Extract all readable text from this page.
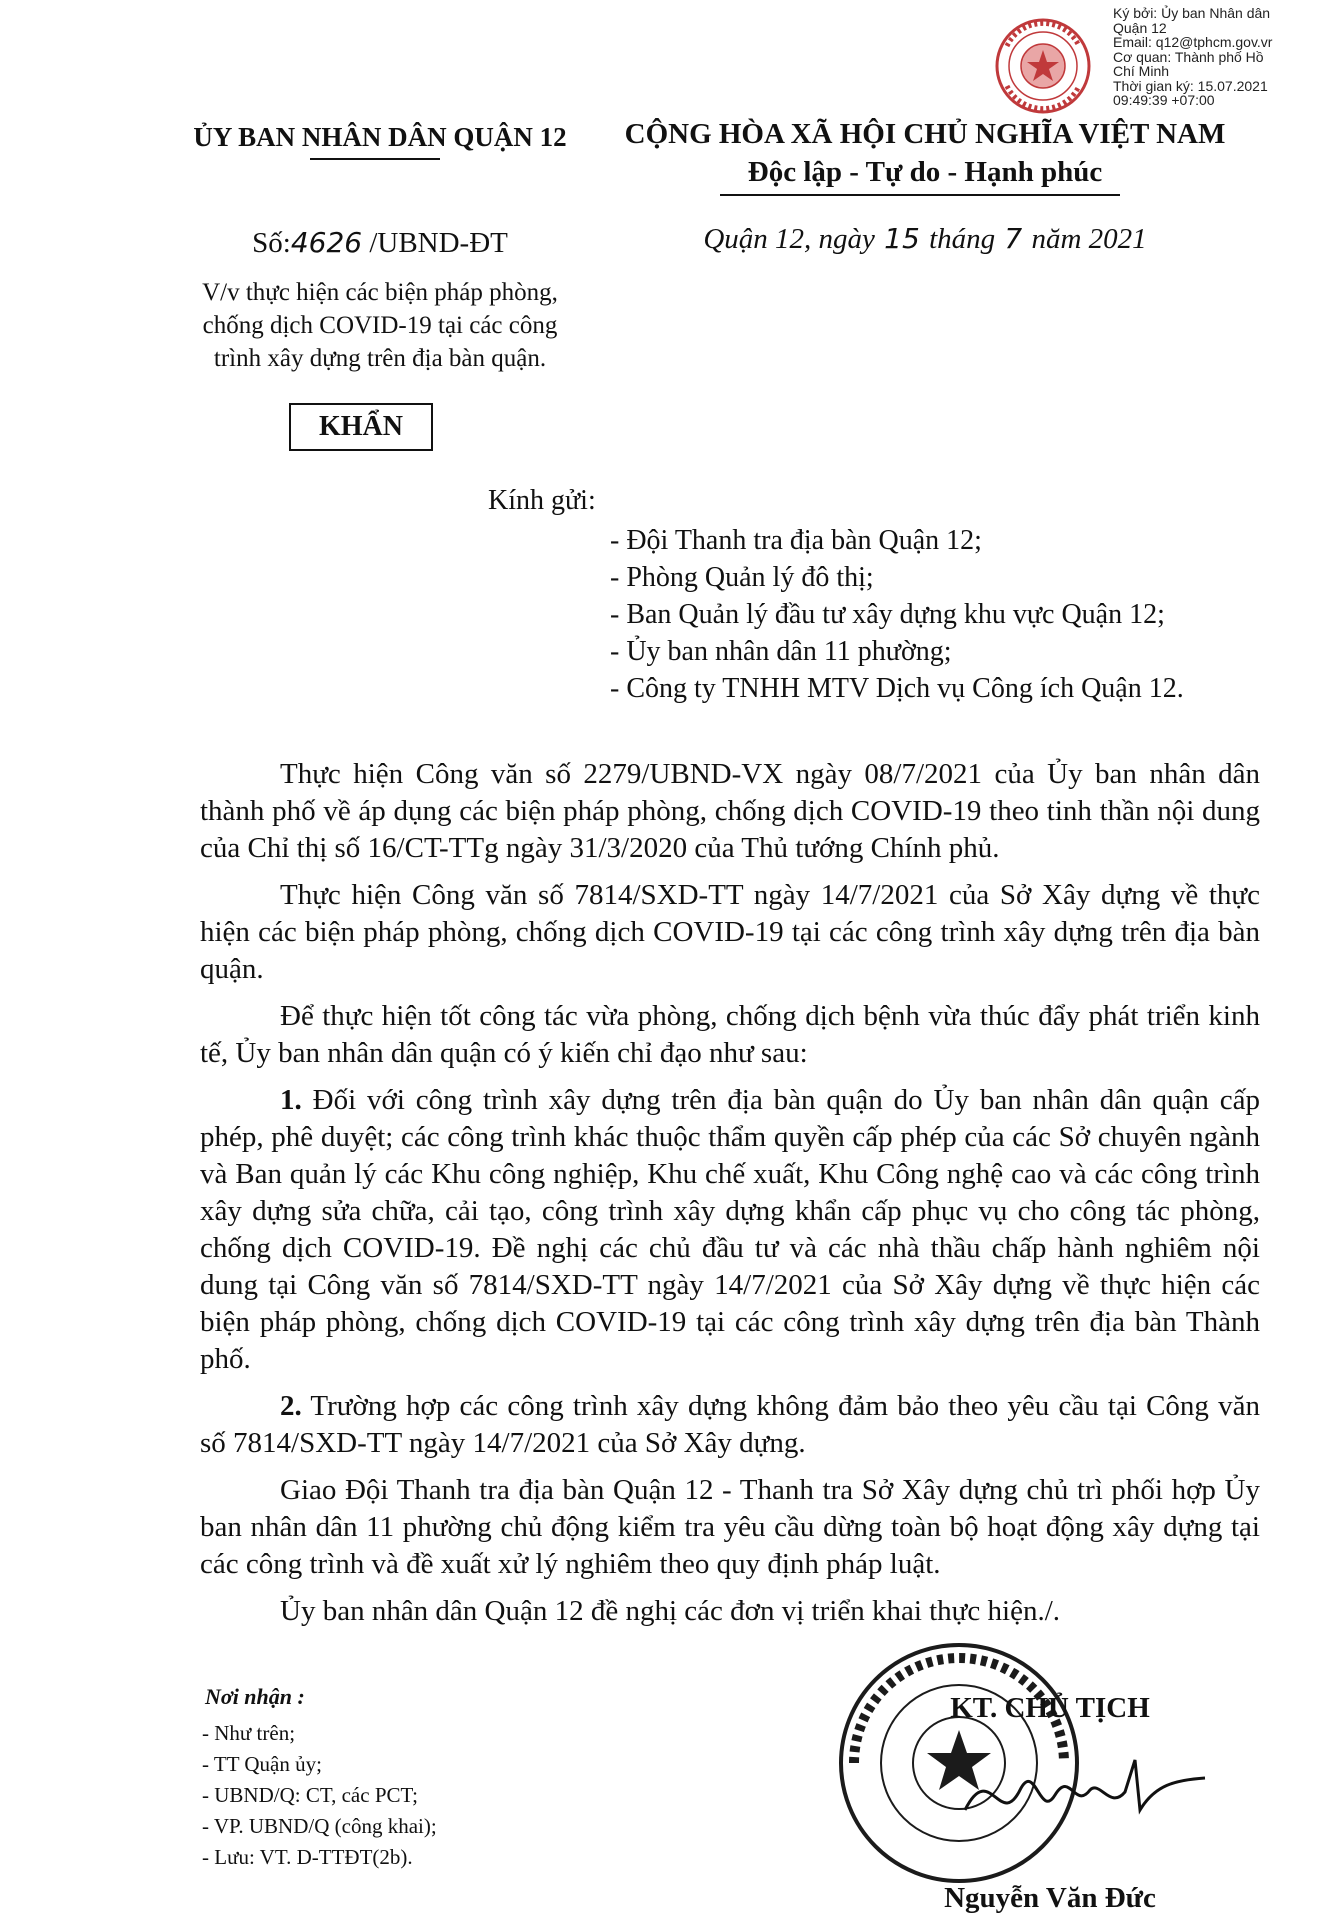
Ký bởi: Ủy ban Nhân dân
Quận 12
Email: q12@tphcm.gov.vr
Cơ quan: Thành phố Hồ
Chí Minh
Thời gian ký: 15.07.2021
09:49:39 +07:00
ỦY BAN NHÂN DÂN QUẬN 12	CỘNG HÒA XÃ HỘI CHỦ NGHĨA VIỆT NAM
Độc lập - Tự do - Hạnh phúc
Số:4626 /UBND-ĐT	Quận 12, ngày 15 tháng 7 năm 2021
V/v thực hiện các biện pháp phòng,
chống dịch COVID-19 tại các công
trình xây dựng trên địa bàn quận.
KHẨN
Kính gửi:
- Đội Thanh tra địa bàn Quận 12;
- Phòng Quản lý đô thị;
- Ban Quản lý đầu tư xây dựng khu vực Quận 12;
- Ủy ban nhân dân 11 phường;
- Công ty TNHH MTV Dịch vụ Công ích Quận 12.

Thực hiện Công văn số 2279/UBND-VX ngày 08/7/2021 của Ủy ban nhân dân thành phố về áp dụng các biện pháp phòng, chống dịch COVID-19 theo tinh thần nội dung của Chỉ thị số 16/CT-TTg ngày 31/3/2020 của Thủ tướng Chính phủ.

Thực hiện Công văn số 7814/SXD-TT ngày 14/7/2021 của Sở Xây dựng về thực hiện các biện pháp phòng, chống dịch COVID-19 tại các công trình xây dựng trên địa bàn quận.

Để thực hiện tốt công tác vừa phòng, chống dịch bệnh vừa thúc đẩy phát triển kinh tế, Ủy ban nhân dân quận có ý kiến chỉ đạo như sau:

1. Đối với công trình xây dựng trên địa bàn quận do Ủy ban nhân dân quận cấp phép, phê duyệt; các công trình khác thuộc thẩm quyền cấp phép của các Sở chuyên ngành và Ban quản lý các Khu công nghiệp, Khu chế xuất, Khu Công nghệ cao và các công trình xây dựng sửa chữa, cải tạo, công trình xây dựng khẩn cấp phục vụ cho công tác phòng, chống dịch COVID-19. Đề nghị các chủ đầu tư và các nhà thầu chấp hành nghiêm nội dung tại Công văn số 7814/SXD-TT ngày 14/7/2021 của Sở Xây dựng về thực hiện các biện pháp phòng, chống dịch COVID-19 tại các công trình xây dựng trên địa bàn Thành phố.

2. Trường hợp các công trình xây dựng không đảm bảo theo yêu cầu tại Công văn số 7814/SXD-TT ngày 14/7/2021 của Sở Xây dựng.

Giao Đội Thanh tra địa bàn Quận 12 - Thanh tra Sở Xây dựng chủ trì phối hợp Ủy ban nhân dân 11 phường chủ động kiểm tra yêu cầu dừng toàn bộ hoạt động xây dựng tại các công trình và đề xuất xử lý nghiêm theo quy định pháp luật.

Ủy ban nhân dân Quận 12 đề nghị các đơn vị triển khai thực hiện./.

Nơi nhận :
- Như trên;
- TT Quận ủy;
- UBND/Q: CT, các PCT;
- VP. UBND/Q (công khai);
- Lưu: VT. D-TTĐT(2b).
KT. CHỦ TỊCH
Nguyễn Văn Đức
